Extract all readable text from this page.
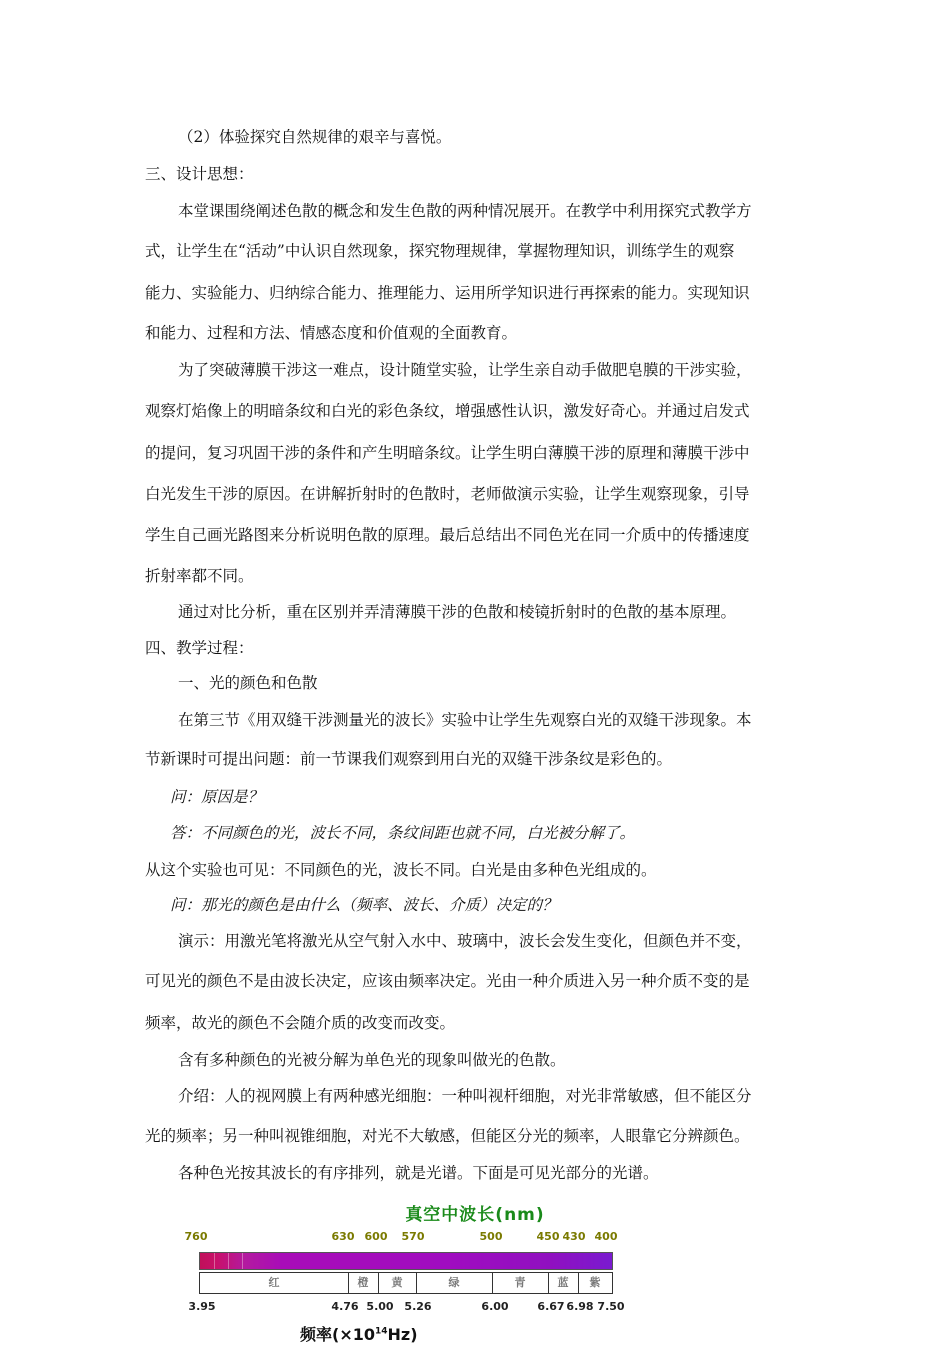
（2）体验探究自然规律的艰辛与喜悦。
三、设计思想：
本堂课围绕阐述色散的概念和发生色散的两种情况展开。在教学中利用探究式教学方
式，让学生在“活动”中认识自然现象，探究物理规律，掌握物理知识，训练学生的观察
能力、实验能力、归纳综合能力、推理能力、运用所学知识进行再探索的能力。实现知识
和能力、过程和方法、情感态度和价值观的全面教育。
为了突破薄膜干涉这一难点，设计随堂实验，让学生亲自动手做肥皂膜的干涉实验，
观察灯焰像上的明暗条纹和白光的彩色条纹，增强感性认识，激发好奇心。并通过启发式
的提问，复习巩固干涉的条件和产生明暗条纹。让学生明白薄膜干涉的原理和薄膜干涉中
白光发生干涉的原因。在讲解折射时的色散时，老师做演示实验，让学生观察现象，引导
学生自己画光路图来分析说明色散的原理。最后总结出不同色光在同一介质中的传播速度
折射率都不同。
通过对比分析，重在区别并弄清薄膜干涉的色散和棱镜折射时的色散的基本原理。
四、教学过程：
一、光的颜色和色散
在第三节《用双缝干涉测量光的波长》实验中让学生先观察白光的双缝干涉现象。本
节新课时可提出问题：前一节课我们观察到用白光的双缝干涉条纹是彩色的。
问：原因是？
答：不同颜色的光，波长不同，条纹间距也就不同，白光被分解了。
从这个实验也可见：不同颜色的光，波长不同。白光是由多种色光组成的。
问：那光的颜色是由什么（频率、波长、介质）决定的？
演示：用激光笔将激光从空气射入水中、玻璃中，波长会发生变化，但颜色并不变，
可见光的颜色不是由波长决定，应该由频率决定。光由一种介质进入另一种介质不变的是
频率，故光的颜色不会随介质的改变而改变。
含有多种颜色的光被分解为单色光的现象叫做光的色散。
介绍：人的视网膜上有两种感光细胞：一种叫视杆细胞，对光非常敏感，但不能区分
光的频率；另一种叫视锥细胞，对光不大敏感，但能区分光的频率，人眼靠它分辨颜色。
各种色光按其波长的有序排列，就是光谱。下面是可见光部分的光谱。
真空中波长(nm)
760	630 600 570	500	450 430 400
红	橙	黄	绿	青	蓝	紫
3.95	4.76 5.00 5.26	6.00	6.67 6.98 7.50
频率$(\times 10^{14}Hz)$
